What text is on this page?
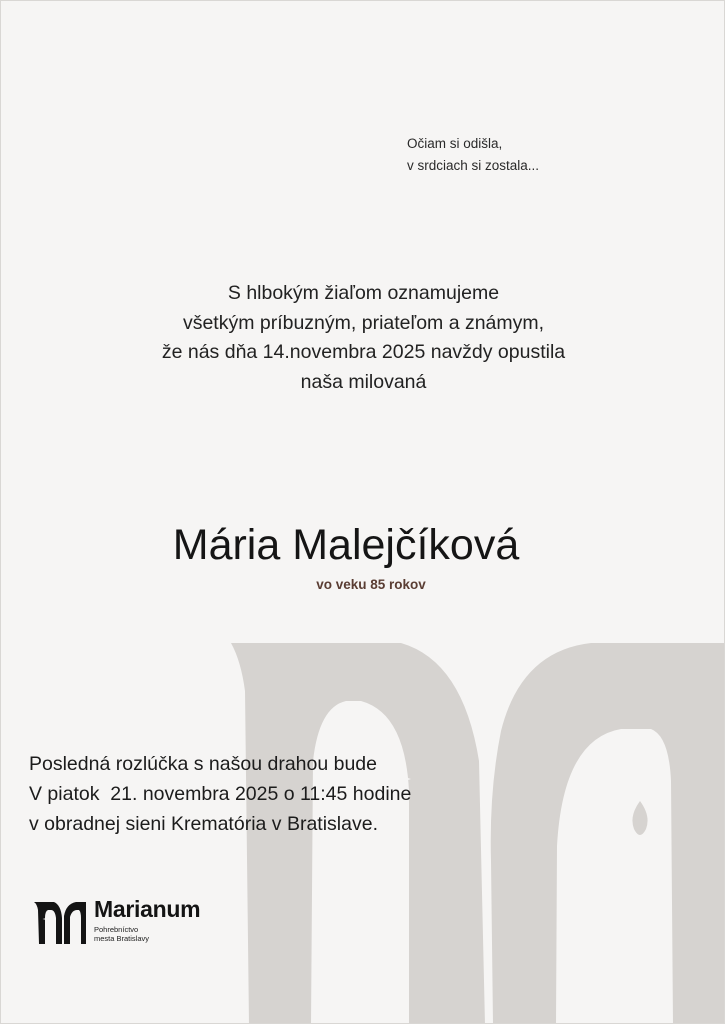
Očiam si odišla,
v srdciach si zostala...

S hlbokým žiaľom oznamujeme
všetkým príbuzným, priateľom a známym,
že nás dňa 14.novembra 2025 navždy opustila
naša milovaná

Mária Malejčíková

vo veku 85 rokov

Posledná rozlúčka s našou drahou bude
V piatok  21. novembra 2025 o 11:45 hodine
v obradnej sieni Krematória v Bratislave.

Marianum
Pohrebníctvo
mesta Bratislavy
